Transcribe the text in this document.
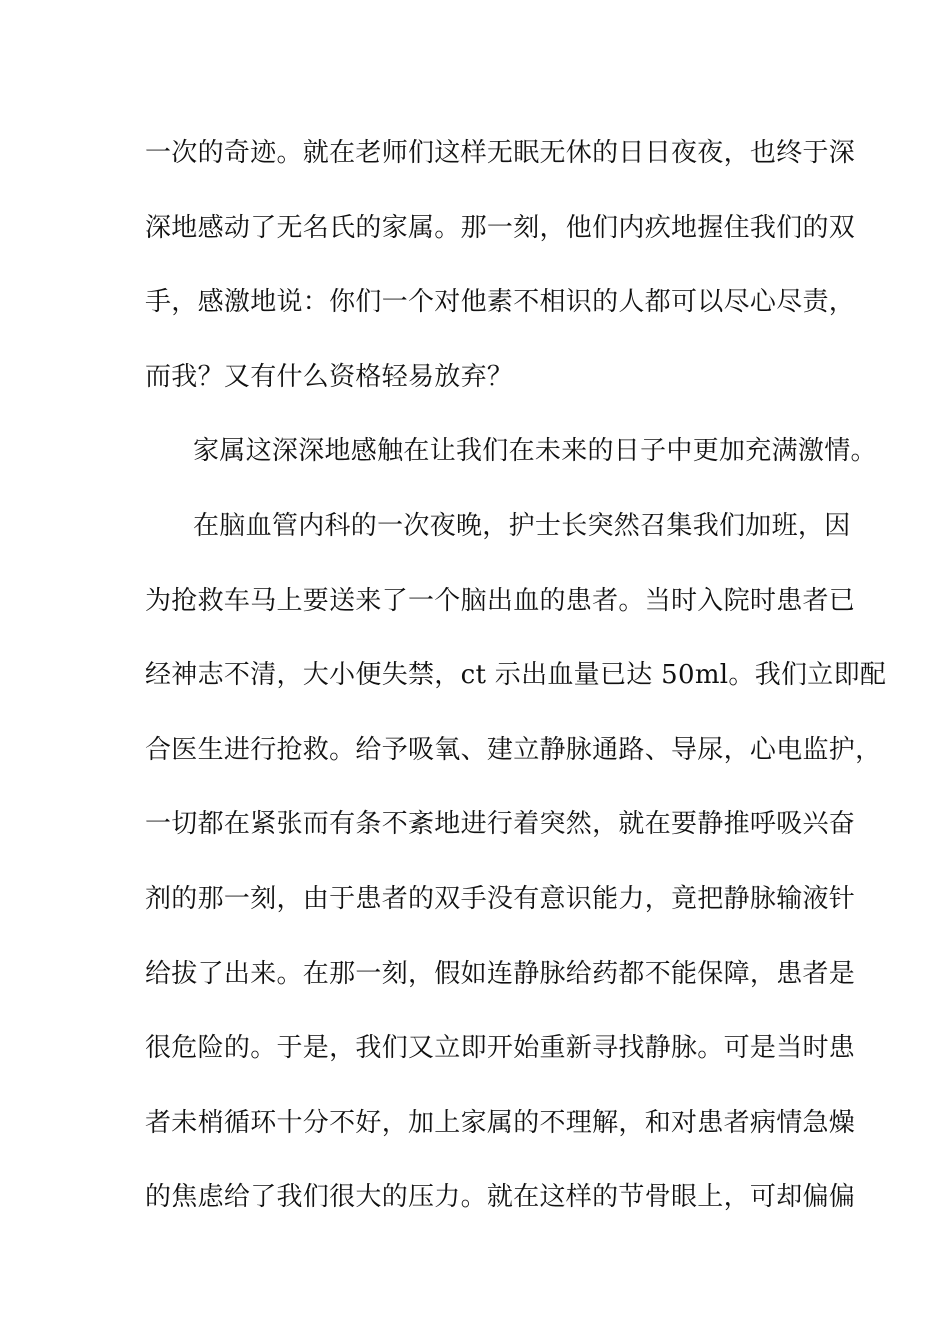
一次的奇迹。就在老师们这样无眠无休的日日夜夜，也终于深
深地感动了无名氏的家属。那一刻，他们内疚地握住我们的双
手，感激地说：你们一个对他素不相识的人都可以尽心尽责，
而我？又有什么资格轻易放弃？
家属这深深地感触在让我们在未来的日子中更加充满激情。
在脑血管内科的一次夜晚，护士长突然召集我们加班，因
为抢救车马上要送来了一个脑出血的患者。当时入院时患者已
经神志不清，大小便失禁，ct 示出血量已达 50ml。我们立即配
合医生进行抢救。给予吸氧、建立静脉通路、导尿，心电监护，
一切都在紧张而有条不紊地进行着突然，就在要静推呼吸兴奋
剂的那一刻，由于患者的双手没有意识能力，竟把静脉输液针
给拔了出来。在那一刻，假如连静脉给药都不能保障，患者是
很危险的。于是，我们又立即开始重新寻找静脉。可是当时患
者未梢循环十分不好，加上家属的不理解，和对患者病情急燥
的焦虑给了我们很大的压力。就在这样的节骨眼上，可却偏偏
